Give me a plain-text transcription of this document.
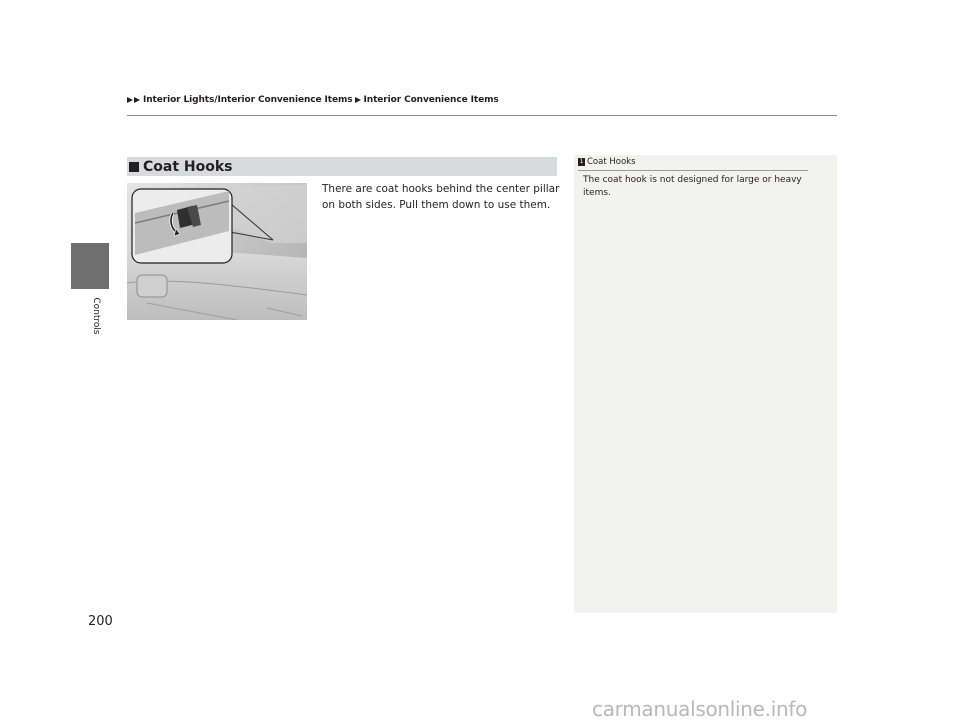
Interior Lights/Interior Convenience Items Interior Convenience Items
Controls
200
Coat Hooks
There are coat hooks behind the center pillar on both sides. Pull them down to use them.
1 Coat Hooks
The coat hook is not designed for large or heavy items.
carmanualsonline.info
